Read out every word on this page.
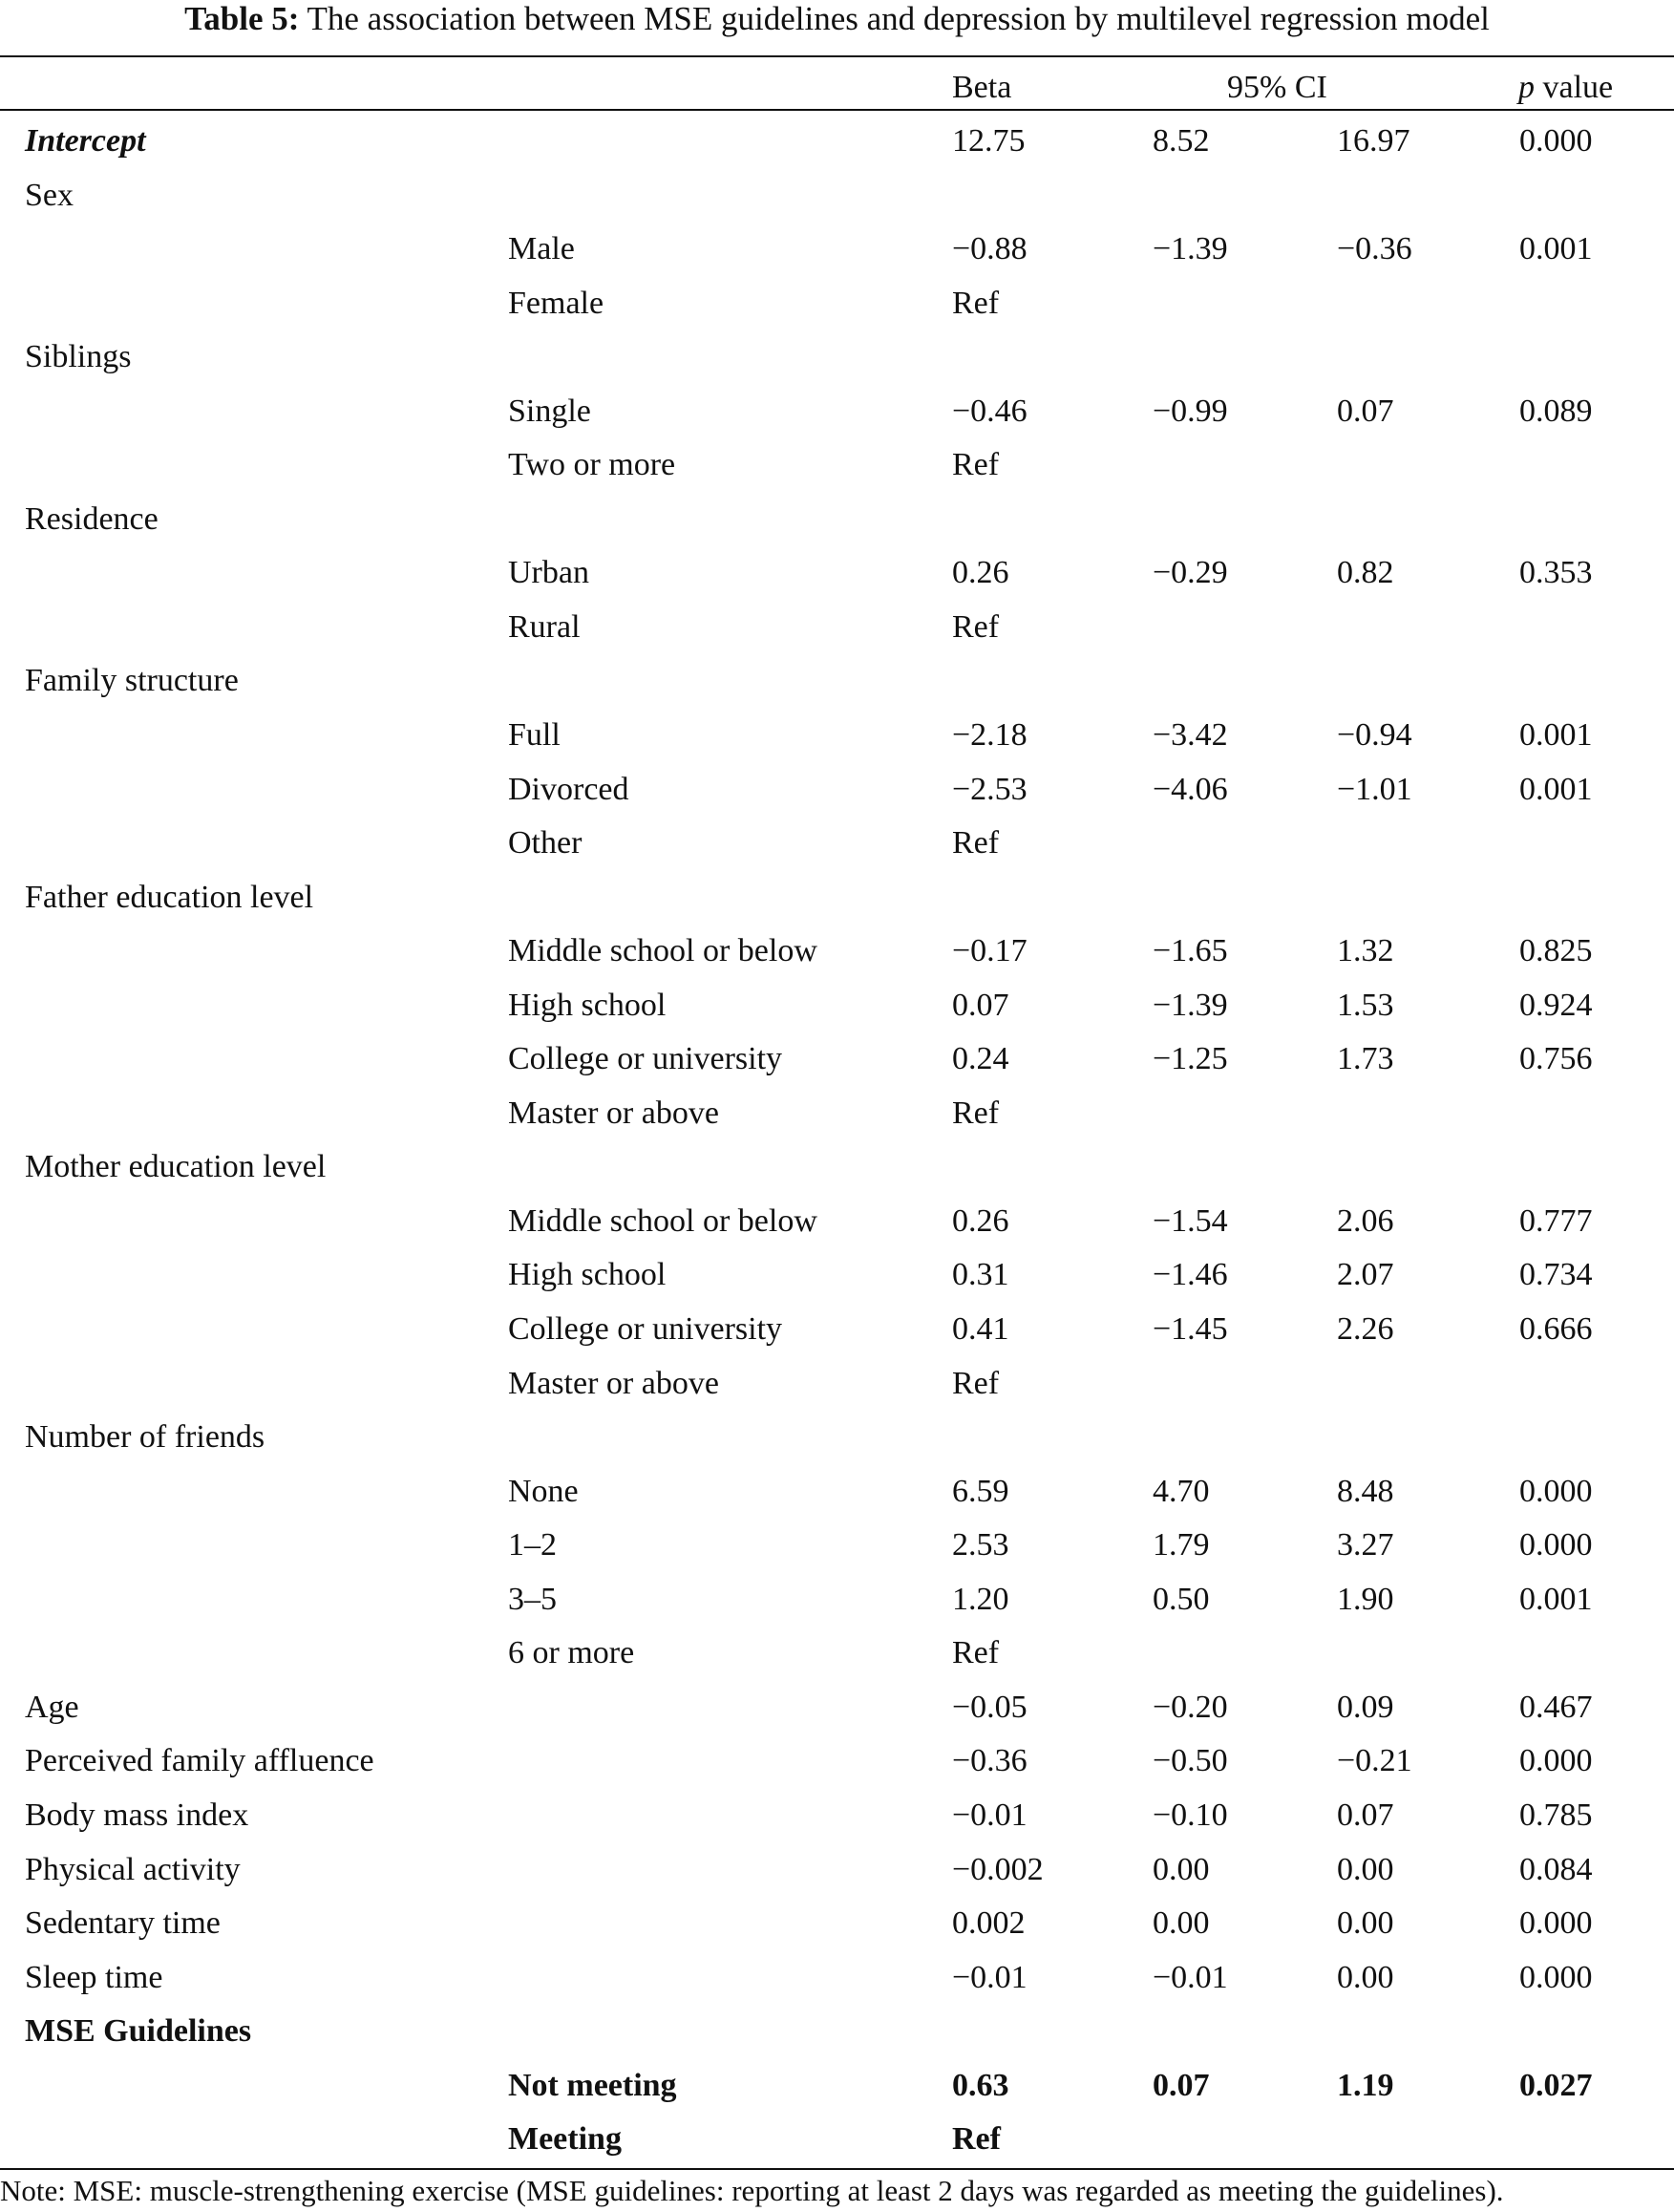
Table 5: The association between MSE guidelines and depression by multilevel regression model
Beta	95% CI	p value
Intercept	12.75	8.52	16.97	0.000
Sex
Male	−0.88	−1.39	−0.36	0.001
Female	Ref
Siblings
Single	−0.46	−0.99	0.07	0.089
Two or more	Ref
Residence
Urban	0.26	−0.29	0.82	0.353
Rural	Ref
Family structure
Full	−2.18	−3.42	−0.94	0.001
Divorced	−2.53	−4.06	−1.01	0.001
Other	Ref
Father education level
Middle school or below	−0.17	−1.65	1.32	0.825
High school	0.07	−1.39	1.53	0.924
College or university	0.24	−1.25	1.73	0.756
Master or above	Ref
Mother education level
Middle school or below	0.26	−1.54	2.06	0.777
High school	0.31	−1.46	2.07	0.734
College or university	0.41	−1.45	2.26	0.666
Master or above	Ref
Number of friends
None	6.59	4.70	8.48	0.000
1–2	2.53	1.79	3.27	0.000
3–5	1.20	0.50	1.90	0.001
6 or more	Ref
Age	−0.05	−0.20	0.09	0.467
Perceived family affluence	−0.36	−0.50	−0.21	0.000
Body mass index	−0.01	−0.10	0.07	0.785
Physical activity	−0.002	0.00	0.00	0.084
Sedentary time	0.002	0.00	0.00	0.000
Sleep time	−0.01	−0.01	0.00	0.000
MSE Guidelines
Not meeting	0.63	0.07	1.19	0.027
Meeting	Ref
Note: MSE: muscle-strengthening exercise (MSE guidelines: reporting at least 2 days was regarded as meeting the guidelines).
